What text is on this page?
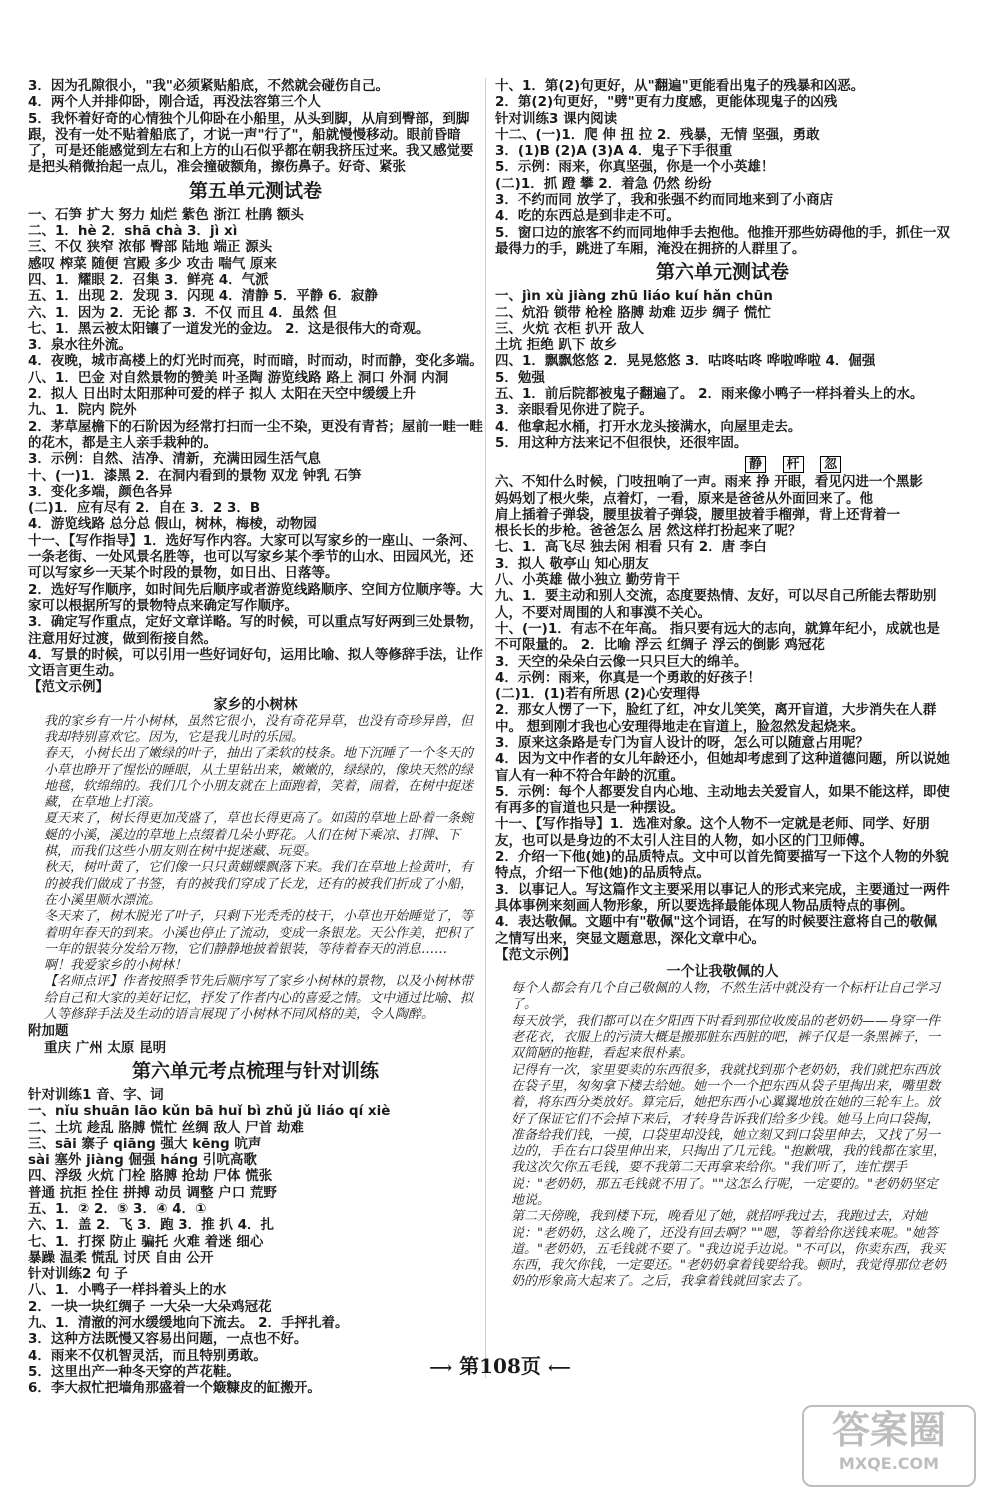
3．因为孔隙很小，"我"必须紧贴船底，不然就会碰伤自己。
4．两个人并排仰卧，刚合适，再没法容第三个人
5．我怀着好奇的心情独个儿仰卧在小船里，从头到脚，从肩到臀部，到脚跟，没有一处不贴着船底了，才说一声"行了"，船就慢慢移动。眼前昏暗了，可是还能感觉到左右和上方的山石似乎都在朝我挤压过来。我又感觉要是把头稍微抬起一点儿，准会撞破额角，擦伤鼻子。好奇、紧张
第五单元测试卷
一、石笋 扩大 努力 灿烂 紫色 浙江 杜鹃 额头
二、1．hè 2．shā chà 3．jì xì
三、不仅 狭窄 浓郁 臀部 陆地 端正 源头
感叹 榨菜 随便 宫殿 多少 攻击 喘气 原来
四、1．耀眼 2．召集 3．鲜亮 4．气派
五、1．出现 2．发现 3．闪现 4．清静 5．平静 6．寂静
六、1．因为 2．无论 都 3．不仅 而且 4．虽然 但
七、1．黑云被太阳镶了一道发光的金边。 2．这是很伟大的奇观。
3．泉水往外流。
4．夜晚，城市高楼上的灯光时而亮，时而暗，时而动，时而静，变化多端。
八、1．巴金 对自然景物的赞美 叶圣陶 游览线路 路上 洞口 外洞 内洞
2．拟人 日出时太阳那种可爱的样子 拟人 太阳在天空中缓缓上升
九、1．院内 院外
2．茅草屋檐下的石阶因为经常打扫而一尘不染，更没有青苔；屋前一畦一畦的花木，都是主人亲手栽种的。
3．示例：自然、洁净、清新，充满田园生活气息
十、(一)1．漆黑 2．在洞内看到的景物 双龙 钟乳 石笋
3．变化多端，颜色各异
(二)1．应有尽有 2．自在 3．2 3．B
4．游览线路 总分总 假山，树林，梅棱，动物园
十一、【写作指导】1．选好写作内容。大家可以写家乡的一座山、一条河、一条老街、一处风景名胜等，也可以写家乡某个季节的山水、田园风光，还可以写家乡一天某个时段的景物，如日出、日落等。
2．选好写作顺序，如时间先后顺序或者游览线路顺序、空间方位顺序等。大家可以根据所写的景物特点来确定写作顺序。
3．确定写作重点，定好文章详略。写的时候，可以重点写好两到三处景物，注意用好过渡，做到衔接自然。
4．写景的时候，可以引用一些好词好句，运用比喻、拟人等修辞手法，让作文语言更生动。
【范文示例】
家乡的小树林
我的家乡有一片小树林，虽然它很小，没有奇花异草，也没有奇珍异兽，但我却特别喜欢它。因为，它是我儿时的乐园。
春天，小树长出了嫩绿的叶子，抽出了柔软的枝条。地下沉睡了一个冬天的小草也睁开了惺忪的睡眼，从土里钻出来，嫩嫩的，绿绿的，像块天然的绿地毯，软绵绵的。我们几个小朋友就在上面跑着，笑着，闹着，在树中捉迷藏，在草地上打滚。
夏天来了，树长得更加茂盛了，草也长得更高了。如茵的草地上卧着一条蜿蜒的小溪，溪边的草地上点缀着几朵小野花。人们在树下乘凉、打牌、下棋，而我们这些小朋友则在树中捉迷藏、玩耍。
秋天，树叶黄了，它们像一只只黄蝴蝶飘落下来。我们在草地上捡黄叶，有的被我们做成了书签，有的被我们穿成了长龙，还有的被我们折成了小船，在小溪里顺水漂流。
冬天来了，树木脱光了叶子，只剩下光秃秃的枝干，小草也开始睡觉了，等着明年春天的到来。小溪也停止了流动，变成一条银龙。天公作美，把积了一年的银装分发给万物，它们静静地披着银装，等待着春天的消息……
啊！我爱家乡的小树林！
【名师点评】作者按照季节先后顺序写了家乡小树林的景物，以及小树林带给自己和大家的美好记忆，抒发了作者内心的喜爱之情。文中通过比喻、拟人等修辞手法及生动的语言展现了小树林不同风格的美，令人陶醉。
附加题
重庆 广州 太原 昆明
第六单元考点梳理与针对训练
针对训练1 音、字、词
一、nǐu shuān lāo kǔn bā huǐ bì zhǔ jǔ liáo qí xiè
二、土坑 趁乱 胳膊 慌忙 丝绸 敌人 尸首 劫难
三、sāi 寨子 qiāng 强大 kēng 吭声
sài 塞外 jiàng 倔强 háng 引吭高歌
四、浮级 火炕 门栓 胳膊 抢劫 尸体 慌张
普通 抗拒 拴住 拼搏 动员 调整 户口 荒野
五、1．② 2．⑤ 3．④ 4．①
六、1．盖 2．飞 3．跑 3．推 扒 4．扎
七、1．打探 防止 骗托 火难 着迷 细心
暴躁 温柔 慌乱 讨厌 自由 公开
针对训练2 句 子
八、1．小鸭子一样抖着头上的水
2．一块一块红绸子 一大朵一大朵鸡冠花
九、1．清澈的河水缓缓地向下流去。 2．手抨扎着。
3．这种方法既慢又容易出问题，一点也不好。
4．雨来不仅机智灵活，而且特别勇敢。
5．这里出产一种冬天穿的芦花鞋。
6．李大叔忙把墙角那盛着一个簸糠皮的缸搬开。
十、1．第(2)句更好，从"翻遍"更能看出鬼子的残暴和凶恶。
2．第(2)句更好，"劈"更有力度感，更能体现鬼子的凶残
针对训练3 课内阅读
十二、(一)1．爬 伸 扭 拉 2．残暴，无情 坚强，勇敢
3．(1)B (2)A (3)A 4．鬼子下手很重
5．示例：雨来，你真坚强，你是一个小英雄！
(二)1．抓 蹬 攀 2．着急 仍然 纷纷
3．不约而同 放学了，我和张强不约而同地来到了小商店
4．吃的东西总是到非走不可。
5．窗口边的旅客不约而同地伸手去抱他。他推开那些妨碍他的手，抓住一双最得力的手，跳进了车厢，淹没在拥挤的人群里了。
第六单元测试卷
一、jìn xù jiàng zhū liáo kuí hǎn chūn
二、炕沿 锁带 枪栓 胳膊 劫难 迈步 绸子 慌忙
三、火炕 衣柜 扒开 敌人
土坑 拒绝 趴下 故乡
四、1．飘飘悠悠 2．晃晃悠悠 3．咕咚咕咚 哗啦哗啦 4．倔强
5．勉强
五、1．前后院都被鬼子翻遍了。 2．雨来像小鸭子一样抖着头上的水。
3．亲眼看见你进了院子。
4．他拿起水桶，打开水龙头接满水，向屋里走去。
5．用这种方法来记不但很快，还很牢固。
静 杆 忽
六、不知什么时候，门吱扭响了一声。雨来 挣 开眼，看见闪进一个黑影
妈妈划了根火柴，点着灯，一看，原来是爸爸从外面回来了。他
肩上插着子弹袋，腰里拔着子弹袋，腰里披着手榴弹，背上还背着一
根长长的步枪。爸爸怎么 居 然这样打扮起来了呢？
七、1．高飞尽 独去闲 相看 只有 2．唐 李白
3．拟人 敬亭山 知心朋友
八、小英雄 做小独立 勤劳肯干
九、1．要主动和别人交流，态度要热情、友好，可以尽自己所能去帮助别人，不要对周围的人和事漠不关心。
十、(一)1．有志不在年高。 指只要有远大的志向，就算年纪小，成就也是不可限量的。 2．比喻 浮云 红绸子 浮云的倒影 鸡冠花
3．天空的朵朵白云像一只只巨大的绵羊。
4．示例：雨来，你真是一个勇敢的好孩子！
(二)1．(1)若有所思 (2)心安理得
2．那女人愣了一下，脸红了红，冲女儿笑笑，离开盲道，大步消失在人群中。 想到刚才我也心安理得地走在盲道上，脸忽然发起烧来。
3．原来这条路是专门为盲人设计的呀，怎么可以随意占用呢？
4．因为文中作者的女儿年龄还小，但她却考虑到了这种道德问题，所以说她盲人有一种不符合年龄的沉重。
5．示例：每个人都要发自内心地、主动地去关爱盲人，如果不能这样，即使有再多的盲道也只是一种摆设。
十一、【写作指导】1．选准对象。这个人物不一定就是老师、同学、好朋友，也可以是身边的不太引人注目的人物，如小区的门卫师傅。
2．介绍一下他(她)的品质特点。文中可以首先简要描写一下这个人物的外貌特点，介绍一下他(她)的品质特点。
3．以事记人。写这篇作文主要采用以事记人的形式来完成，主要通过一两件具体事例来刻画人物形象，所以要选择最能体现人物品质特点的事例。
4．表达敬佩。文题中有"敬佩"这个词语，在写的时候要注意将自己的敬佩之情写出来，突显文题意思，深化文章中心。
【范文示例】
一个让我敬佩的人
每个人都会有几个自己敬佩的人物，不然生活中就没有一个标杆让自己学习了。
每天放学，我们都可以在夕阳西下时看到那位收废品的老奶奶——身穿一件老花衣，衣服上的污渍大概是搬那脏东西脏的吧，裤子仅是一条黑裤子，一双简陋的拖鞋，看起来很朴素。
记得有一次，家里要卖的东西很多，我就找到那个老奶奶，我们就把东西放在袋子里，匆匆拿下楼去给她。她一个一个把东西从袋子里掏出来，嘴里数着，将东西分类放好。算完后，她把东西小心翼翼地放在她的三轮车上。放好了保证它们不会掉下来后，才转身告诉我们给多少钱。她马上向口袋掏，准备给我们钱，一摸，口袋里却没钱，她立刻又到口袋里伸去，又找了另一边的，手在右口袋里伸出来，只掏出了几元钱。"抱歉哦，我的钱都在家里，我这次欠你五毛钱，要不我第二天再拿来给你。"我们听了，连忙摆手说："老奶奶，那五毛钱就不用了。""这怎么行呢，一定要的。"老奶奶坚定地说。
第二天傍晚，我到楼下玩，晚看见了她，就招呼我过去，我跑过去，对她说："老奶奶，这么晚了，还没有回去啊？""嗯，等着给你送钱来呢。"她答道。"老奶奶，五毛钱就不要了。"我边说手边说。"不可以，你卖东西，我买东西，我欠你钱，一定要还。"老奶奶拿着钱要给我。顿时，我觉得那位老奶奶的形象高大起来了。之后，我拿着钱就回家去了。
⟶ 第108页 ⟵
答案圈
MXQE.COM
